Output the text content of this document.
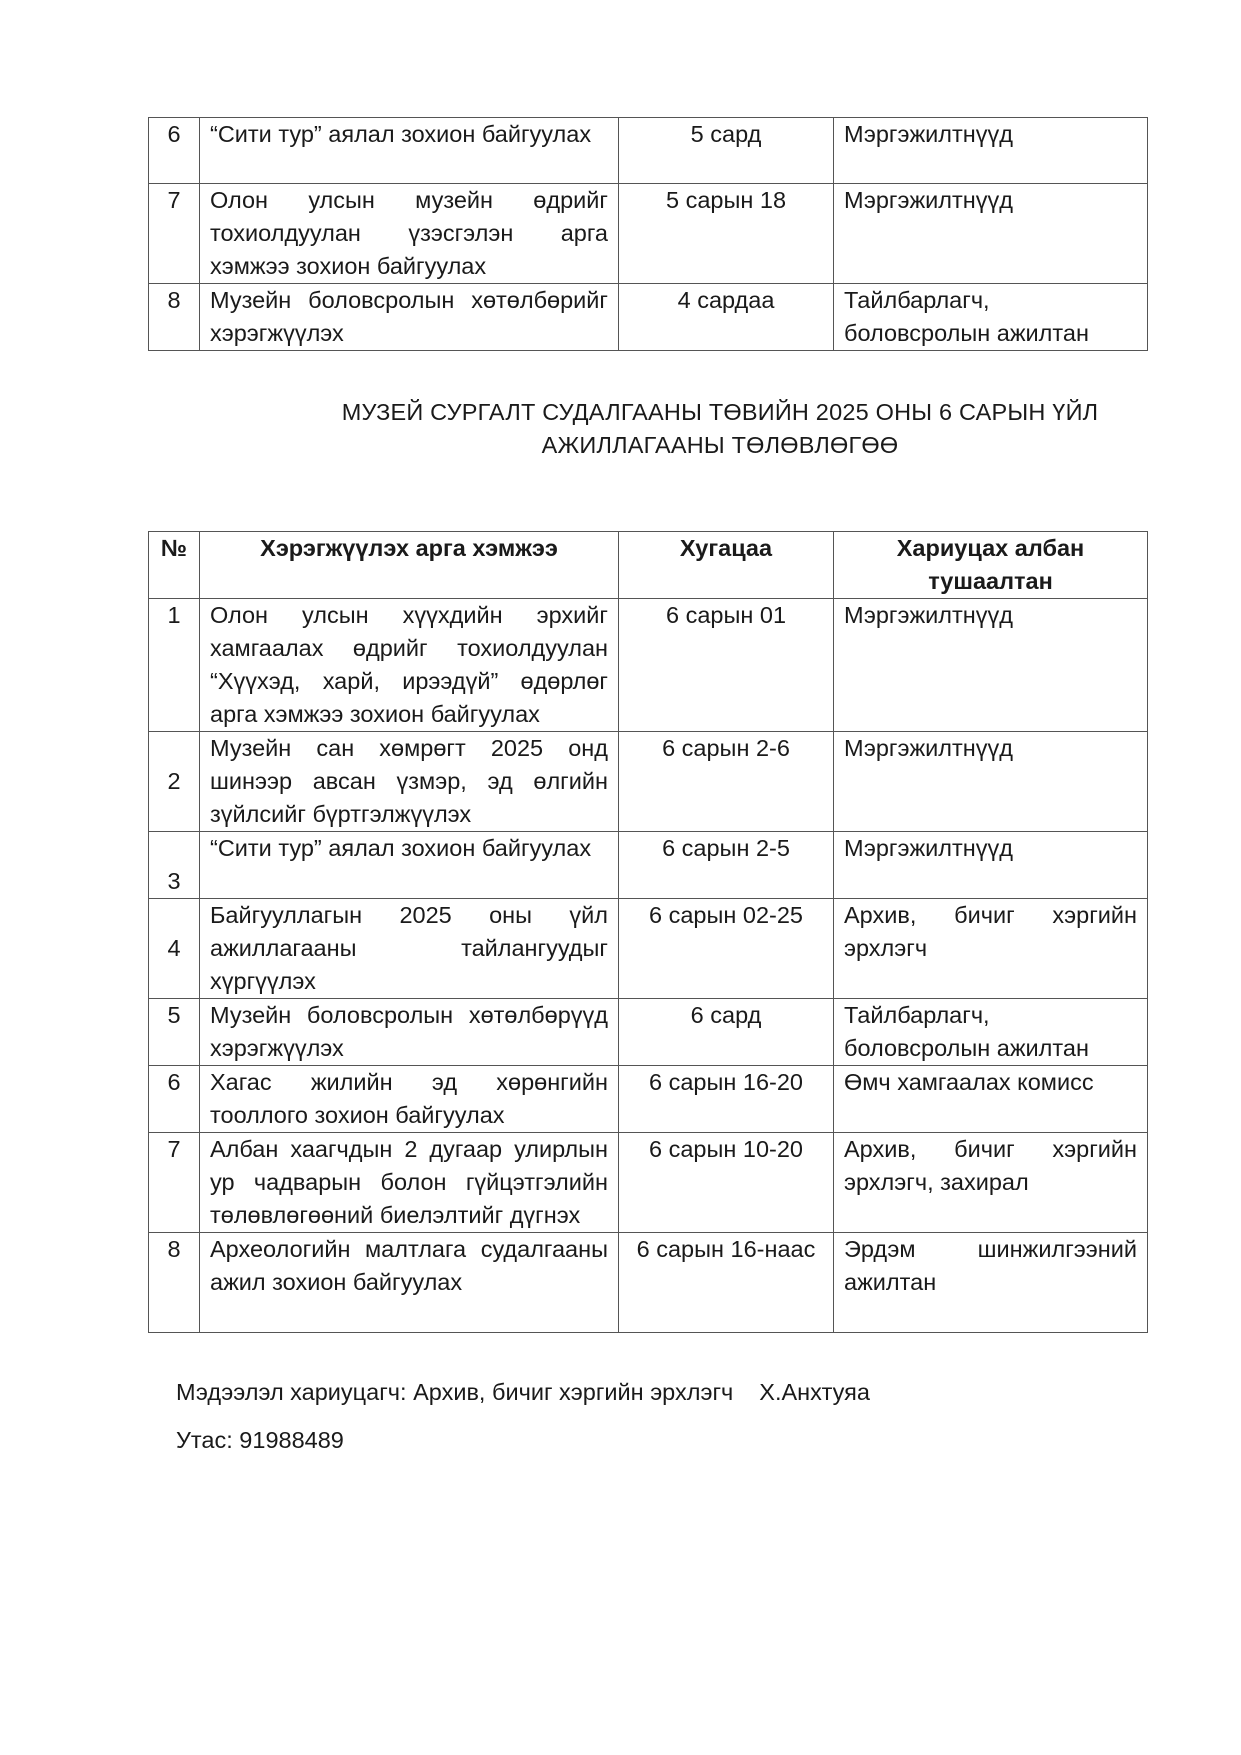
6	“Сити тур” аялал зохион байгуулах	5 сард	Мэргэжилтнүүд
7	Олон улсын музейн өдрийг тохиолдуулан үзэсгэлэн арга хэмжээ зохион байгуулах	5 сарын 18	Мэргэжилтнүүд
8	Музейн боловсролын хөтөлбөрийг хэрэгжүүлэх	4 сардаа	Тайлбарлагч, боловсролын ажилтан
МУЗЕЙ СУРГАЛТ СУДАЛГААНЫ ТӨВИЙН 2025 ОНЫ 6 САРЫН ҮЙЛ
АЖИЛЛАГААНЫ ТӨЛӨВЛӨГӨӨ
№	Хэрэгжүүлэх арга хэмжээ	Хугацаа	Хариуцах албан тушаалтан
1	Олон улсын хүүхдийн эрхийг хамгаалах өдрийг тохиолдуулан “Хүүхэд, харй, ирээдүй” өдөрлөг арга хэмжээ зохион байгуулах	6 сарын 01	Мэргэжилтнүүд
2	Музейн сан хөмрөгт 2025 онд шинээр авсан үзмэр, эд өлгийн зүйлсийг бүртгэлжүүлэх	6 сарын 2-6	Мэргэжилтнүүд
3	“Сити тур” аялал зохион байгуулах	6 сарын 2-5	Мэргэжилтнүүд
4	Байгууллагын 2025 оны үйл ажиллагааны тайлангуудыг хүргүүлэх	6 сарын 02-25	Архив, бичиг хэргийн эрхлэгч
5	Музейн боловсролын хөтөлбөрүүд хэрэгжүүлэх	6 сард	Тайлбарлагч, боловсролын ажилтан
6	Хагас жилийн эд хөрөнгийн тооллого зохион байгуулах	6 сарын 16-20	Өмч хамгаалах комисс
7	Албан хаагчдын 2 дугаар улирлын ур чадварын болон гүйцэтгэлийн төлөвлөгөөний биелэлтийг дүгнэх	6 сарын 10-20	Архив, бичиг хэргийн эрхлэгч, захирал
8	Археологийн малтлага судалгааны ажил зохион байгуулах	6 сарын 16-наас	Эрдэм шинжилгээний ажилтан
Мэдээлэл хариуцагч: Архив, бичиг хэргийн эрхлэгч Х.Анхтуяа
Утас: 91988489
